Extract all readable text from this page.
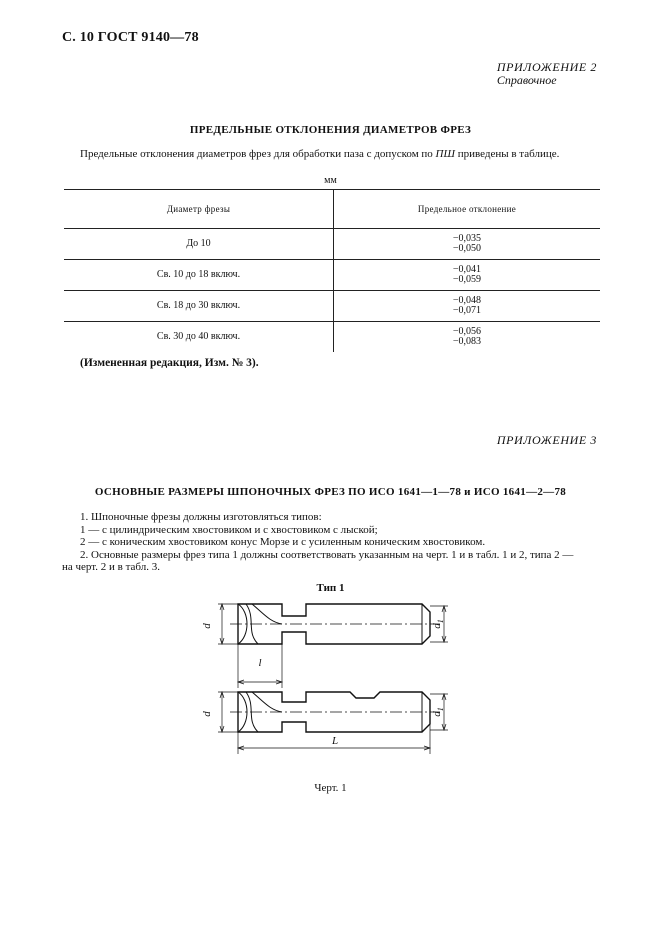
С. 10 ГОСТ 9140—78
ПРИЛОЖЕНИЕ 2
Справочное
ПРЕДЕЛЬНЫЕ ОТКЛОНЕНИЯ ДИАМЕТРОВ ФРЕЗ
Предельные отклонения диаметров фрез для обработки паза с допуском по ПШ приведены в таблице.
мм
Диаметр фрезы	Предельное отклонение
До 10	−0,035
−0,050

Св. 10 до 18 включ.	−0,041
−0,059

Св. 18 до 30 включ.	−0,048
−0,071

Св. 30 до 40 включ.	−0,056
−0,083
(Измененная редакция, Изм. № 3).
ПРИЛОЖЕНИЕ 3
ОСНОВНЫЕ РАЗМЕРЫ ШПОНОЧНЫХ ФРЕЗ ПО ИСО 1641—1—78 и ИСО 1641—2—78
1. Шпоночные фрезы должны изготовляться типов:
1 — с цилиндрическим хвостовиком и с хвостовиком с лыской;
2 — с коническим хвостовиком конус Морзе и с усиленным коническим хвостовиком.
2. Основные размеры фрез типа 1 должны соответствовать указанным на черт. 1 и в табл. 1 и 2, типа 2 —
на черт. 2 и в табл. 3.
Тип 1
d	$d_1$
l
d	$d_1$
L
Черт. 1
